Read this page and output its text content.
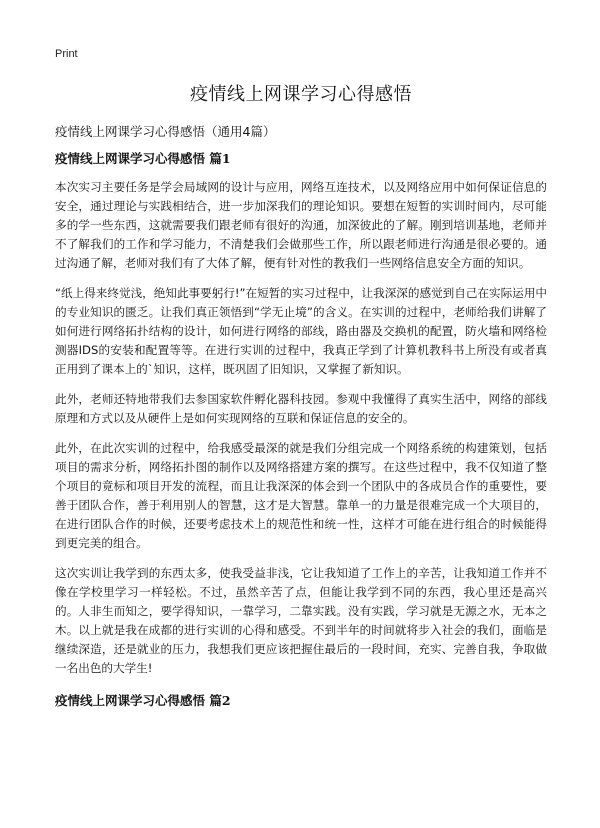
Print
疫情线上网课学习心得感悟

疫情线上网课学习心得感悟（通用4篇）

疫情线上网课学习心得感悟 篇1

本次实习主要任务是学会局域网的设计与应用，网络互连技术，以及网络应用中如何保证信息的安全，通过理论与实践相结合，进一步加深我们的理论知识。要想在短暂的实训时间内，尽可能多的学一些东西，这就需要我们跟老师有很好的沟通，加深彼此的了解。刚到培训基地，老师并不了解我们的工作和学习能力，不清楚我们会做那些工作，所以跟老师进行沟通是很必要的。通过沟通了解，老师对我们有了大体了解，便有针对性的教我们一些网络信息安全方面的知识。

“纸上得来终觉浅，绝知此事要躬行!”在短暂的实习过程中，让我深深的感觉到自己在实际运用中的专业知识的匮乏。让我们真正领悟到“学无止境”的含义。在实训的过程中，老师给我们讲解了如何进行网络拓扑结构的设计，如何进行网络的部线，路由器及交换机的配置，防火墙和网络检测器IDS的安装和配置等等。在进行实训的过程中，我真正学到了计算机教科书上所没有或者真正用到了课本上的`知识，这样，既巩固了旧知识，又掌握了新知识。

此外，老师还特地带我们去参国家软件孵化器科技园。参观中我懂得了真实生活中，网络的部线原理和方式以及从硬件上是如何实现网络的互联和保证信息的安全的。

此外，在此次实训的过程中，给我感受最深的就是我们分组完成一个网络系统的构建策划，包括项目的需求分析，网络拓扑图的制作以及网络搭建方案的撰写。在这些过程中，我不仅知道了整个项目的竟标和项目开发的流程，而且让我深深的体会到一个团队中的各成员合作的重要性，要善于团队合作，善于利用别人的智慧，这才是大智慧。靠单一的力量是很难完成一个大项目的，在进行团队合作的时候，还要考虑技术上的规范性和统一性，这样才可能在进行组合的时候能得到更完美的组合。

这次实训让我学到的东西太多，使我受益非浅，它让我知道了工作上的辛苦，让我知道工作并不像在学校里学习一样轻松。不过，虽然辛苦了点，但能让我学到不同的东西，我心里还是高兴的。人非生而知之，要学得知识，一靠学习，二靠实践。没有实践，学习就是无源之水，无本之木。以上就是我在成都的进行实训的心得和感受。不到半年的时间就将步入社会的我们，面临是继续深造，还是就业的压力，我想我们更应该把握住最后的一段时间，充实、完善自我，争取做一名出色的大学生!

疫情线上网课学习心得感悟 篇2
